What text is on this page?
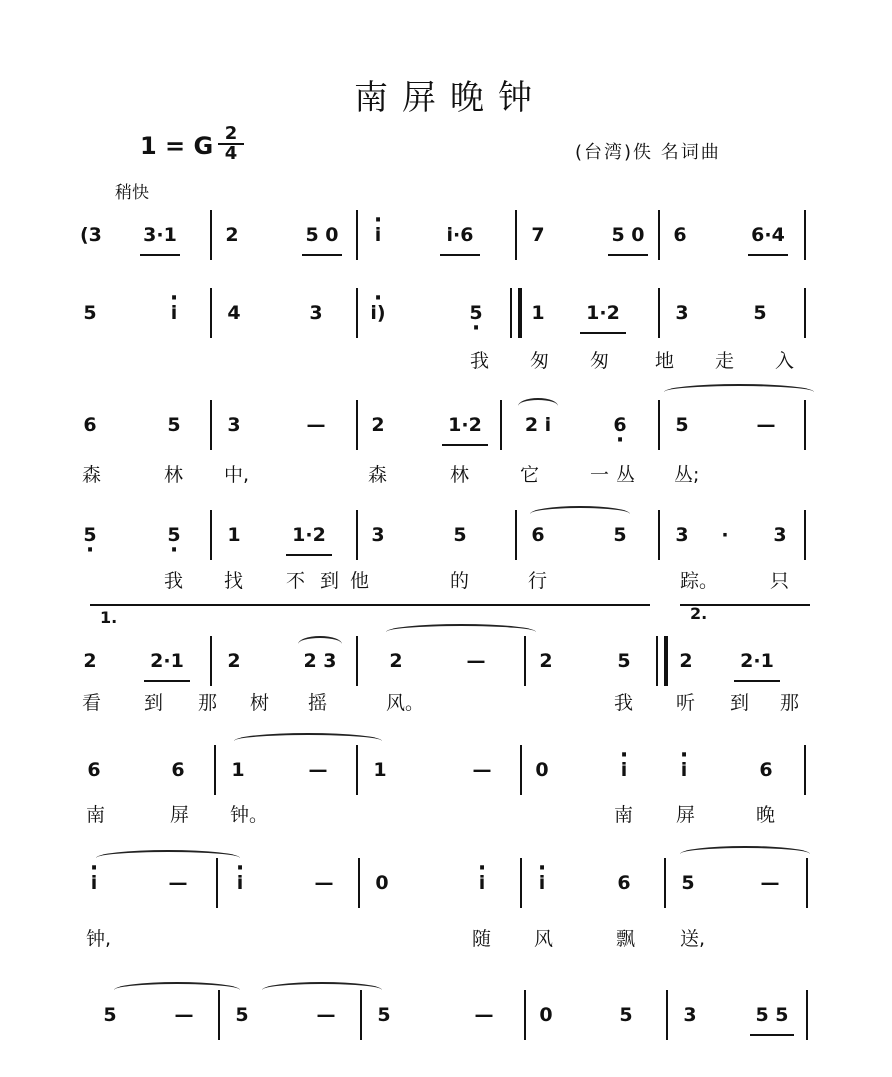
南屏晚钟
1 = G 2
4
稍快
(台湾)佚 名词曲
(3 3·1	2	5 0	· i	i·6	7	5 0 6	6·4
5	· i	4	3	· i)	5 ·	1	1·2	3	5
我 匆 匆 地 走 入
6	5 3	— 2	1·2	2 i	6 ·	5	—
森	林 中,	森	林	它	一 丛 丛;
5 ·	5 · 1	1·2	3	5	6	5	3	·	3
我 找 不 到 他	的	行	踪。	只
1.	2.
2	2·1	2	2 3	2	—	2	5	2	2·1
看 到 那 树 摇	风。	我 听 到 那
6	6 1	— 1	— 0	· i	· i	6
南	屏 钟。	南 屏	晚
· i	—	· i	— 0	· i	· i	6	5	—
钟,	随 风	飘 送,
5	— 5	— 5	— 0	5	3	5 5
